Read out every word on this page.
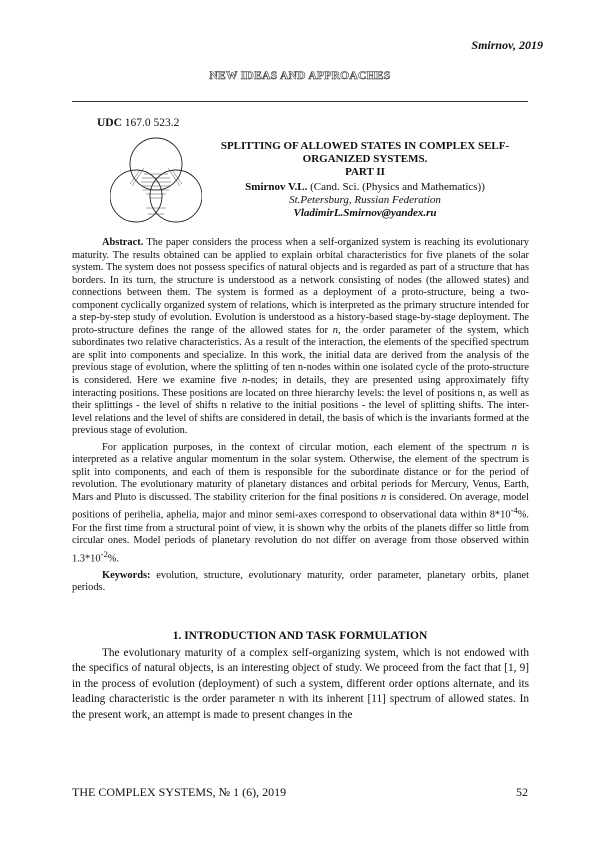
Smirnov, 2019
NEW IDEAS AND APPROACHES
UDC 167.0 523.2
SPLITTING OF ALLOWED STATES IN COMPLEX SELF-
ORGANIZED SYSTEMS.
PART II
Smirnov V.L. (Cand. Sci. (Physics and Mathematics))
St.Petersburg, Russian Federation
VladimirL.Smirnov@yandex.ru

Abstract. The paper considers the process when a self-organized system is reaching its evolutionary maturity. The results obtained can be applied to explain orbital characteristics for five planets of the solar system. The system does not possess specifics of natural objects and is regarded as part of a structure that has borders. In its turn, the structure is understood as a network consisting of nodes (the allowed states) and connections between them. The system is formed as a deployment of a proto-structure, being a two-component cyclically organized system of relations, which is interpreted as the primary structure intended for a step-by-step study of evolution. Evolution is understood as a history-based stage-by-stage deployment. The proto-structure defines the range of the allowed states for n, the order parameter of the system, which subordinates two relative characteristics. As a result of the interaction, the elements of the specified spectrum are split into components and specialize. In this work, the initial data are derived from the analysis of the previous stage of evolution, where the splitting of ten n-nodes within one isolated cycle of the proto-structure is considered. Here we examine five n-nodes; in details, they are presented using approximately fifty interacting positions. These positions are located on three hierarchy levels: the level of positions n, as well as their splittings - the level of shifts n relative to the initial positions - the level of splitting shifts. The inter-level relations and the level of shifts are considered in detail, the basis of which is the invariants formed at the previous stage of evolution.

For application purposes, in the context of circular motion, each element of the spectrum n is interpreted as a relative angular momentum in the solar system. Otherwise, the element of the spectrum is split into components, and each of them is responsible for the subordinate distance or for the period of revolution. The evolutionary maturity of planetary distances and orbital periods for Mercury, Venus, Earth, Mars and Pluto is discussed. The stability criterion for the final positions n is considered. On average, model positions of perihelia, aphelia, major and minor semi-axes correspond to observational data within $8*10^{-4}\%$. For the first time from a structural point of view, it is shown why the orbits of the planets differ so little from circular ones. Model periods of planetary revolution do not differ on average from those observed within $1.3*10^{-2}\%$.

Keywords: evolution, structure, evolutionary maturity, order parameter, planetary orbits, planet periods.

1. INTRODUCTION AND TASK FORMULATION

The evolutionary maturity of a complex self-organizing system, which is not endowed with the specifics of natural objects, is an interesting object of study. We proceed from the fact that [1, 9] in the process of evolution (deployment) of such a system, different order options alternate, and its leading characteristic is the order parameter n with its inherent [11] spectrum of allowed states. In the present work, an attempt is made to present changes in the

THE COMPLEX SYSTEMS, № 1 (6), 2019	52
